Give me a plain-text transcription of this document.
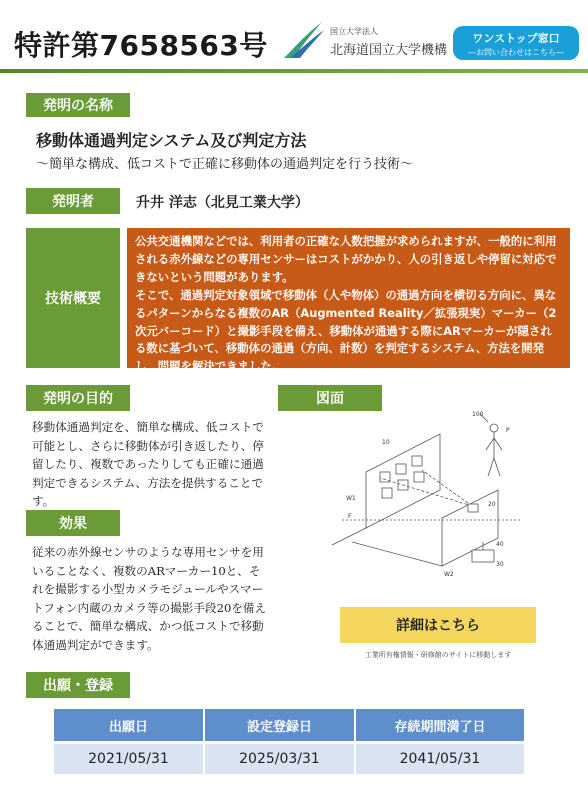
特許第7658563号	国立大学法人
北海道国立大学機構
ワンストップ窓口
―お問い合わせはこちら―
発明の名称
移動体通過判定システム及び判定方法
～簡単な構成、低コストで正確に移動体の通過判定を行う技術～
発明者	升井 洋志（北見工業大学）
技術概要

公共交通機関などでは、利用者の正確な人数把握が求められますが、一般的に利用される赤外線などの専用センサーはコストがかかり、人の引き返しや停留に対応できないという問題があります。

そこで、通過判定対象領域で移動体（人や物体）の通過方向を横切る方向に、異なるパターンからなる複数のAR（Augmented Reality／拡張現実）マーカー（2次元バーコード）と撮影手段を備え、移動体が通過する際にARマーカーが隠される数に基づいて、移動体の通過（方向、計数）を判定するシステム、方法を開発し、問題を解決できました。

発明の目的
移動体通過判定を、簡単な構成、低コストで可能とし、さらに移動体が引き返したり、停留したり、複数であったりしても正確に通過判定できるシステム、方法を提供することです。
効果
従来の赤外線センサのような専用センサを用いることなく、複数のARマーカー10と、それを撮影する小型カメラモジュールやスマートフォン内蔵のカメラ等の撮影手段20を備えることで、簡単な構成、かつ低コストで移動体通過判定ができます。
図面
100
10
P
W1
F
20
40
30
W2
詳細はこちら
工業所有権情報・研修館のサイトに移動します
出願・登録
出願日	設定登録日	存続期間満了日
2021/05/31	2025/03/31	2041/05/31
